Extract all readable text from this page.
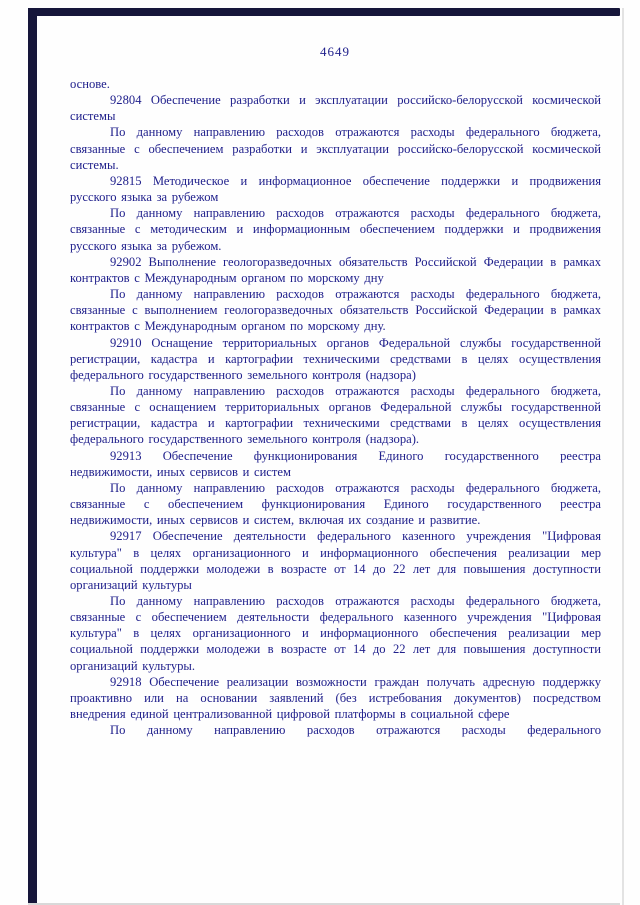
4649

основе.

92804 Обеспечение разработки и эксплуатации российско-белорусской космической системы

По данному направлению расходов отражаются расходы федерального бюджета, связанные с обеспечением разработки и эксплуатации российско-белорусской космической системы.

92815 Методическое и информационное обеспечение поддержки и продвижения русского языка за рубежом

По данному направлению расходов отражаются расходы федерального бюджета, связанные с методическим и информационным обеспечением поддержки и продвижения русского языка за рубежом.

92902 Выполнение геологоразведочных обязательств Российской Федерации в рамках контрактов с Международным органом по морскому дну

По данному направлению расходов отражаются расходы федерального бюджета, связанные с выполнением геологоразведочных обязательств Российской Федерации в рамках контрактов с Международным органом по морскому дну.

92910 Оснащение территориальных органов Федеральной службы государственной регистрации, кадастра и картографии техническими средствами в целях осуществления федерального государственного земельного контроля (надзора)

По данному направлению расходов отражаются расходы федерального бюджета, связанные с оснащением территориальных органов Федеральной службы государственной регистрации, кадастра и картографии техническими средствами в целях осуществления федерального государственного земельного контроля (надзора).

92913 Обеспечение функционирования Единого государственного реестра недвижимости, иных сервисов и систем

По данному направлению расходов отражаются расходы федерального бюджета, связанные с обеспечением функционирования Единого государственного реестра недвижимости, иных сервисов и систем, включая их создание и развитие.

92917 Обеспечение деятельности федерального казенного учреждения "Цифровая культура" в целях организационного и информационного обеспечения реализации мер социальной поддержки молодежи в возрасте от 14 до 22 лет для повышения доступности организаций культуры

По данному направлению расходов отражаются расходы федерального бюджета, связанные с обеспечением деятельности федерального казенного учреждения "Цифровая культура" в целях организационного и информационного обеспечения реализации мер социальной поддержки молодежи в возрасте от 14 до 22 лет для повышения доступности организаций культуры.

92918 Обеспечение реализации возможности граждан получать адресную поддержку проактивно или на основании заявлений (без истребования документов) посредством внедрения единой централизованной цифровой платформы в социальной сфере

По данному направлению расходов отражаются расходы федерального
